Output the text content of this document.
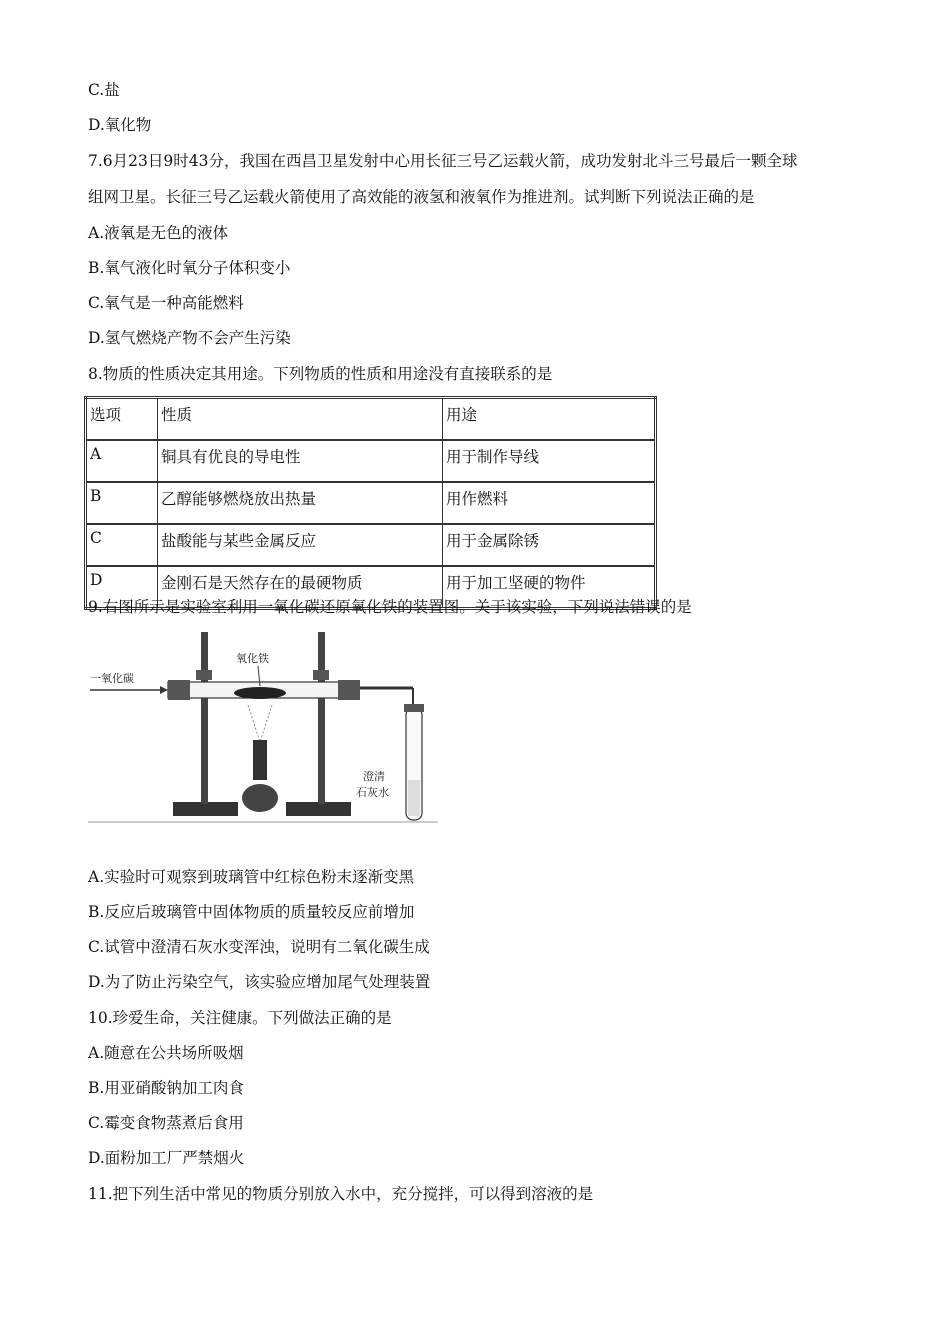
C.盐
D.氧化物
7.6月23日9时43分，我国在西昌卫星发射中心用长征三号乙运载火箭，成功发射北斗三号最后一颗全球
组网卫星。长征三号乙运载火箭使用了高效能的液氢和液氧作为推进剂。试判断下列说法正确的是
A.液氧是无色的液体
B.氧气液化时氧分子体积变小
C.氧气是一种高能燃料
D.氢气燃烧产物不会产生污染
8.物质的性质决定其用途。下列物质的性质和用途没有直接联系的是
选项	性质	用途
A	铜具有优良的导电性	用于制作导线
B	乙醇能够燃烧放出热量	用作燃料
C	盐酸能与某些金属反应	用于金属除锈
D	金刚石是天然存在的最硬物质	用于加工坚硬的物件
9.右图所示是实验室利用一氧化碳还原氧化铁的装置图。关于该实验，下列说法错误的是
一氧化碳
氧化铁
澄清
石灰水
A.实验时可观察到玻璃管中红棕色粉末逐渐变黑
B.反应后玻璃管中固体物质的质量较反应前增加
C.试管中澄清石灰水变浑浊，说明有二氧化碳生成
D.为了防止污染空气，该实验应增加尾气处理装置
10.珍爱生命，关注健康。下列做法正确的是
A.随意在公共场所吸烟
B.用亚硝酸钠加工肉食
C.霉变食物蒸煮后食用
D.面粉加工厂严禁烟火
11.把下列生活中常见的物质分别放入水中，充分搅拌，可以得到溶液的是
